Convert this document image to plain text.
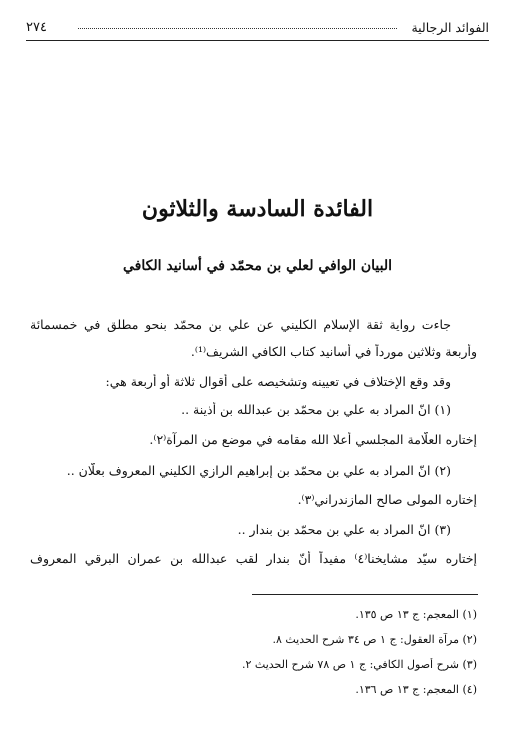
الفوائد الرجالية
٢٧٤
الفائدة السادسة والثلاثون
البيان الوافي لعلي بن محمّد في أسانيد الكافي
جاءت رواية ثقة الإسلام الكليني عن علي بن محمّد بنحوٍ مطلق في خمسمائة
وأربعة وثلاثين مورداً في أسانيد كتاب الكافي الشريف⁽¹⁾.
وقد وقع الإختلاف في تعيينه وتشخيصه على أقوال ثلاثة أو أربعة هي:
(١) انّ المراد به علي بن محمّد بن عبدالله بن أُذينة ..
إختاره العلّامة المجلسي أعلا الله مقامه في موضع من المرآة⁽٢⁾.
(٢) انّ المراد به علي بن محمّد بن إبراهيم الرازي الكليني المعروف بعلّان ..
إختاره المولى صالح المازندراني⁽٣⁾.
(٣) انّ المراد به علي بن محمّد بن بندار ..
إختاره سيّد مشايخنا⁽٤⁾ مفيداً أنّ بندار لقب عبدالله بن عمران البرقي المعروف
(١) المعجم: ج ١٣ ص ١٣٥.
(٢) مرآة العقول: ج ١ ص ٣٤ شرح الحديث ٨.
(٣) شرح أصول الكافي: ج ١ ص ٧٨ شرح الحديث ٢.
(٤) المعجم: ج ١٣ ص ١٣٦.
